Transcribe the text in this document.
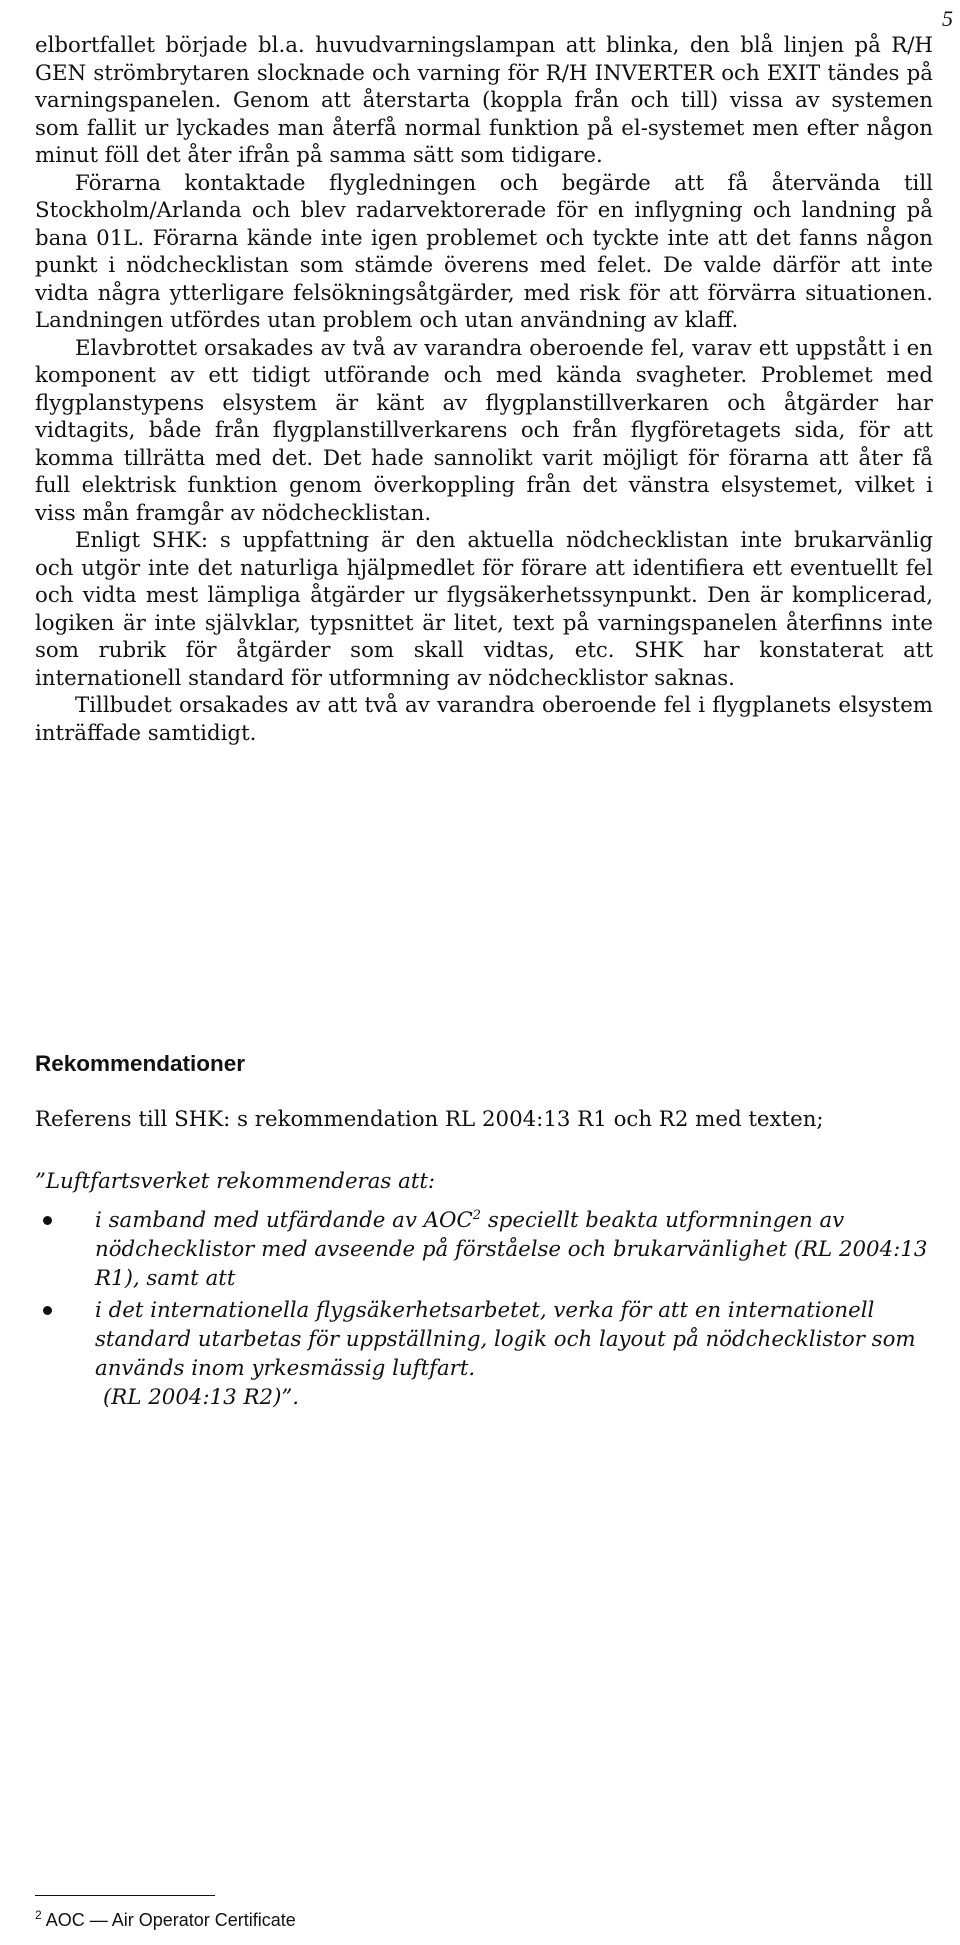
5

elbortfallet började bl.a. huvudvarningslampan att blinka, den blå linjen på R/H GEN strömbrytaren slocknade och varning för R/H INVERTER och EXIT tändes på varningspanelen. Genom att återstarta (koppla från och till) vissa av systemen som fallit ur lyckades man återfå normal funktion på el-systemet men efter någon minut föll det åter ifrån på samma sätt som tidigare.

Förarna kontaktade flygledningen och begärde att få återvända till Stockholm/Arlanda och blev radarvektorerade för en inflygning och landning på bana 01L. Förarna kände inte igen problemet och tyckte inte att det fanns någon punkt i nödchecklistan som stämde överens med felet. De valde därför att inte vidta några ytterligare felsökningsåtgärder, med risk för att förvärra situationen. Landningen utfördes utan problem och utan användning av klaff.

Elavbrottet orsakades av två av varandra oberoende fel, varav ett uppstått i en komponent av ett tidigt utförande och med kända svagheter. Problemet med flygplanstypens elsystem är känt av flygplanstillverkaren och åtgärder har vidtagits, både från flygplanstillverkarens och från flygföretagets sida, för att komma tillrätta med det. Det hade sannolikt varit möjligt för förarna att åter få full elektrisk funktion genom överkoppling från det vänstra elsystemet, vilket i viss mån framgår av nödchecklistan.

Enligt SHK: s uppfattning är den aktuella nödchecklistan inte brukarvänlig och utgör inte det naturliga hjälpmedlet för förare att identifiera ett eventuellt fel och vidta mest lämpliga åtgärder ur flygsäkerhetssynpunkt. Den är komplicerad, logiken är inte självklar, typsnittet är litet, text på varningspanelen återfinns inte som rubrik för åtgärder som skall vidtas, etc. SHK har konstaterat att internationell standard för utformning av nödchecklistor saknas.

Tillbudet orsakades av att två av varandra oberoende fel i flygplanets elsystem inträffade samtidigt.

Rekommendationer

Referens till SHK: s rekommendation RL 2004:13 R1 och R2 med texten;

”Luftfartsverket rekommenderas att:

i samband med utfärdande av AOC$^2$ speciellt beakta utformningen av nödchecklistor med avseende på förståelse och brukarvänlighet (RL 2004:13 R1), samt att
i det internationella flygsäkerhetsarbetet, verka för att en internationell standard utarbetas för uppställning, logik och layout på nödchecklistor som används inom yrkesmässig luftfart.
(RL 2004:13 R2)”.

$^2$ AOC — Air Operator Certificate
